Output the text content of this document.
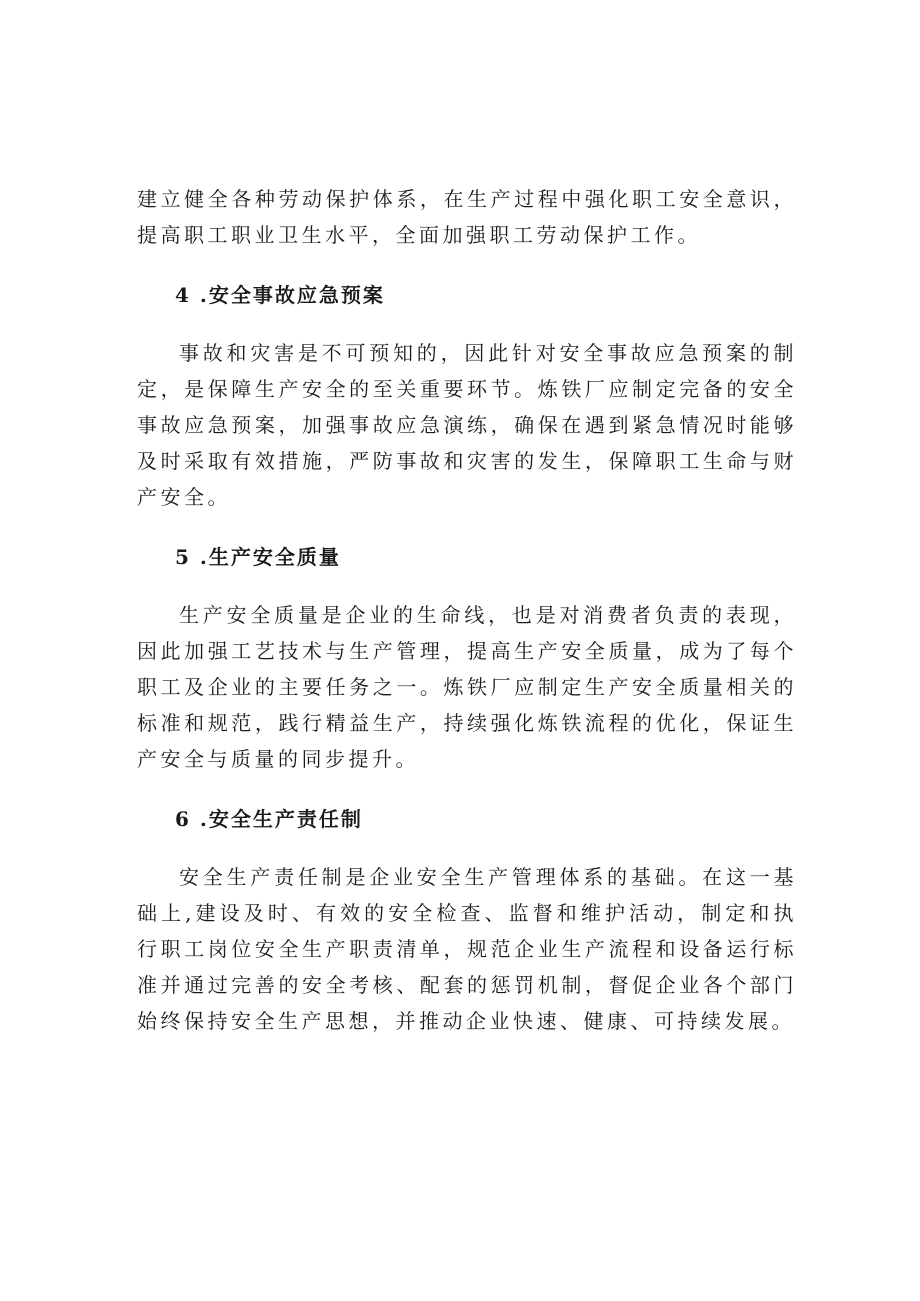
建立健全各种劳动保护体系，在生产过程中强化职工安全意识，提高职工职业卫生水平，全面加强职工劳动保护工作。

4 .安全事故应急预案

事故和灾害是不可预知的，因此针对安全事故应急预案的制定，是保障生产安全的至关重要环节。炼铁厂应制定完备的安全事故应急预案，加强事故应急演练，确保在遇到紧急情况时能够及时采取有效措施，严防事故和灾害的发生，保障职工生命与财产安全。

5 .生产安全质量

生产安全质量是企业的生命线，也是对消费者负责的表现，因此加强工艺技术与生产管理，提高生产安全质量，成为了每个职工及企业的主要任务之一。炼铁厂应制定生产安全质量相关的标准和规范，践行精益生产，持续强化炼铁流程的优化，保证生产安全与质量的同步提升。

6 .安全生产责任制

安全生产责任制是企业安全生产管理体系的基础。在这一基础上,建设及时、有效的安全检查、监督和维护活动，制定和执行职工岗位安全生产职责清单，规范企业生产流程和设备运行标准并通过完善的安全考核、配套的惩罚机制，督促企业各个部门始终保持安全生产思想，并推动企业快速、健康、可持续发展。
